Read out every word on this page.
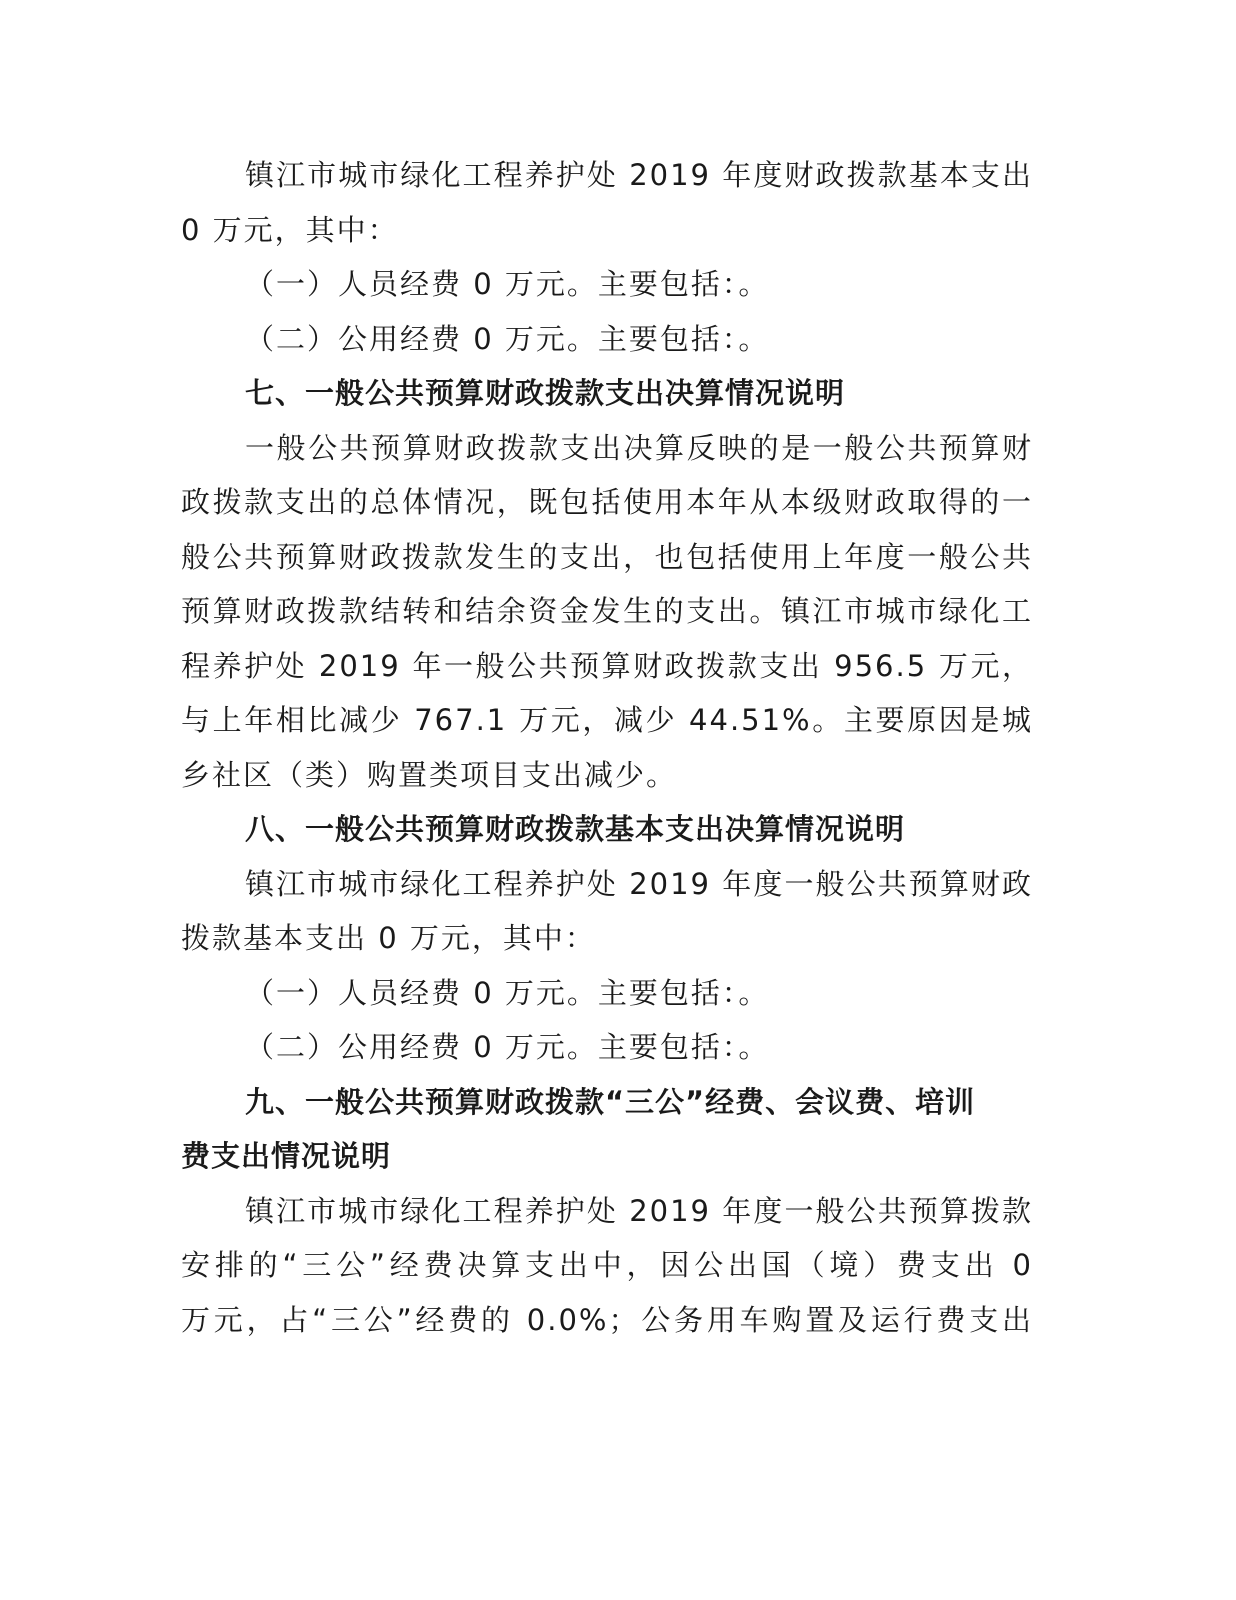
镇江市城市绿化工程养护处 2019 年度财政拨款基本支出
0 万元，其中：
（一）人员经费 0 万元。主要包括：。
（二）公用经费 0 万元。主要包括：。
七、一般公共预算财政拨款支出决算情况说明
一般公共预算财政拨款支出决算反映的是一般公共预算财
政拨款支出的总体情况，既包括使用本年从本级财政取得的一
般公共预算财政拨款发生的支出，也包括使用上年度一般公共
预算财政拨款结转和结余资金发生的支出。镇江市城市绿化工
程养护处 2019 年一般公共预算财政拨款支出 956.5 万元，
与上年相比减少 767.1 万元，减少 44.51%。主要原因是城
乡社区（类）购置类项目支出减少。
八、一般公共预算财政拨款基本支出决算情况说明
镇江市城市绿化工程养护处 2019 年度一般公共预算财政
拨款基本支出 0 万元，其中：
（一）人员经费 0 万元。主要包括：。
（二）公用经费 0 万元。主要包括：。
九、一般公共预算财政拨款“三公”经费、会议费、培训
费支出情况说明
镇江市城市绿化工程养护处 2019 年度一般公共预算拨款
安排的“三公”经费决算支出中，因公出国（境）费支出 0
万元，占“三公”经费的 0.0%；公务用车购置及运行费支出
